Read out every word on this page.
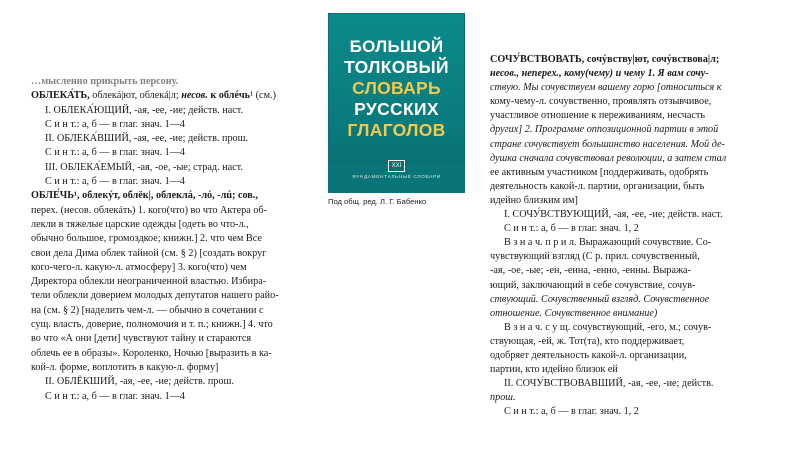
…мысленно прикрыть персону.
ОБЛЕКА́ТЬ, облекá|ют, облекá|л; несов. к облéчь¹ (см.)
I. ОБЛЕКА́ЮЩИЙ, -ая, -ее, -ие; действ. наст.
С и н т.: а, б — в глаг. знач. 1—4
II. ОБЛЕКА́ВШИЙ, -ая, -ее, -ие; действ. прош.
С и н т.: а, б — в глаг. знач. 1—4
III. ОБЛЕКА́ЕМЫЙ, -ая, -ое, -ые; страд. наст.
С и н т.: а, б — в глаг. знач. 1—4
ОБЛЕ́ЧЬ¹, облекýт, облёк|, облеклá, -лó, -лú; сов.,
перех. (несов. облекáть) 1. кого(что) во что Актера об-
лекли в тяжелые царские одежды [одеть во что-л.,
обычно большое, громоздкое; книжн.] 2. что чем Все
свои дела Дима облек тайной (см. § 2) [создать вокруг
кого-чего-л. какую-л. атмосферу] 3. кого(что) чем
Директора облекли неограниченной властью. Избира-
тели облекли доверием молодых депутатов нашего райо-
на (см. § 2) [наделить чем-л. — обычно в сочетании с
сущ. власть, доверие, полномочия и т. п.; книжн.] 4. что
во что «А они [дети] чувствуют тайну и стараются
облечь ее в образы». Короленко, Ночью [выразить в ка-
кой-л. форме, воплотить в какую-л. форму]
II. ОБЛЁКШИЙ, -ая, -ее, -ие; действ. прош.
С и н т.: а, б — в глаг. знач. 1—4
БОЛЬШОЙ
ТОЛКОВЫЙ
СЛОВАРЬ
РУССКИХ
ГЛАГОЛОВ
XXI
ФУНДАМЕНТАЛЬНЫЕ СЛОВАРИ
Под общ. ред. Л. Г. Бабенко
СОЧУ́ВСТВОВАТЬ, сочýвству|ют, сочýвствова|л;
несов., неперех., кому(чему) и чему 1. Я вам сочу-
ствую. Мы сочувствуем вашему горю [относиться к
кому-чему-л. сочувственно, проявлять отзывчивое,
участливое отношение к переживаниям, несчасть
других] 2. Программе оппозиционной партии в этой
стране сочувствует большинство населения. Мой де-
душка сначала сочувствовал революции, а затем стал
ее активным участником [поддерживать, одобрять
деятельность какой-л. партии, организации, быть
идейно близким им]
I. СОЧУ́ВСТВУЮЩИЙ, -ая, -ее, -ие; действ. наст.
С и н т.: а, б — в глаг. знач. 1, 2
В з н а ч. п р и л. Выражающий сочувствие. Со-
чувствующий взгляд (С р. прил. сочувственный,
-ая, -ое, -ые; -ен, -енна, -енно, -енны. Выража-
ющий, заключающий в себе сочувствие, сочув-
ствующий. Сочувственный взгляд. Сочувственное
отношение. Сочувственное внимание)
В з н а ч. с у щ. сочувствующий, -его, м.; сочув-
ствующая, -ей, ж. Тот(та), кто поддерживает,
одобряет деятельность какой-л. организации,
партии, кто идейно близок ей
II. СОЧУ́ВСТВОВАВШИЙ, -ая, -ее, -ие; действ.
прош.
С и н т.: а, б — в глаг. знач. 1, 2
